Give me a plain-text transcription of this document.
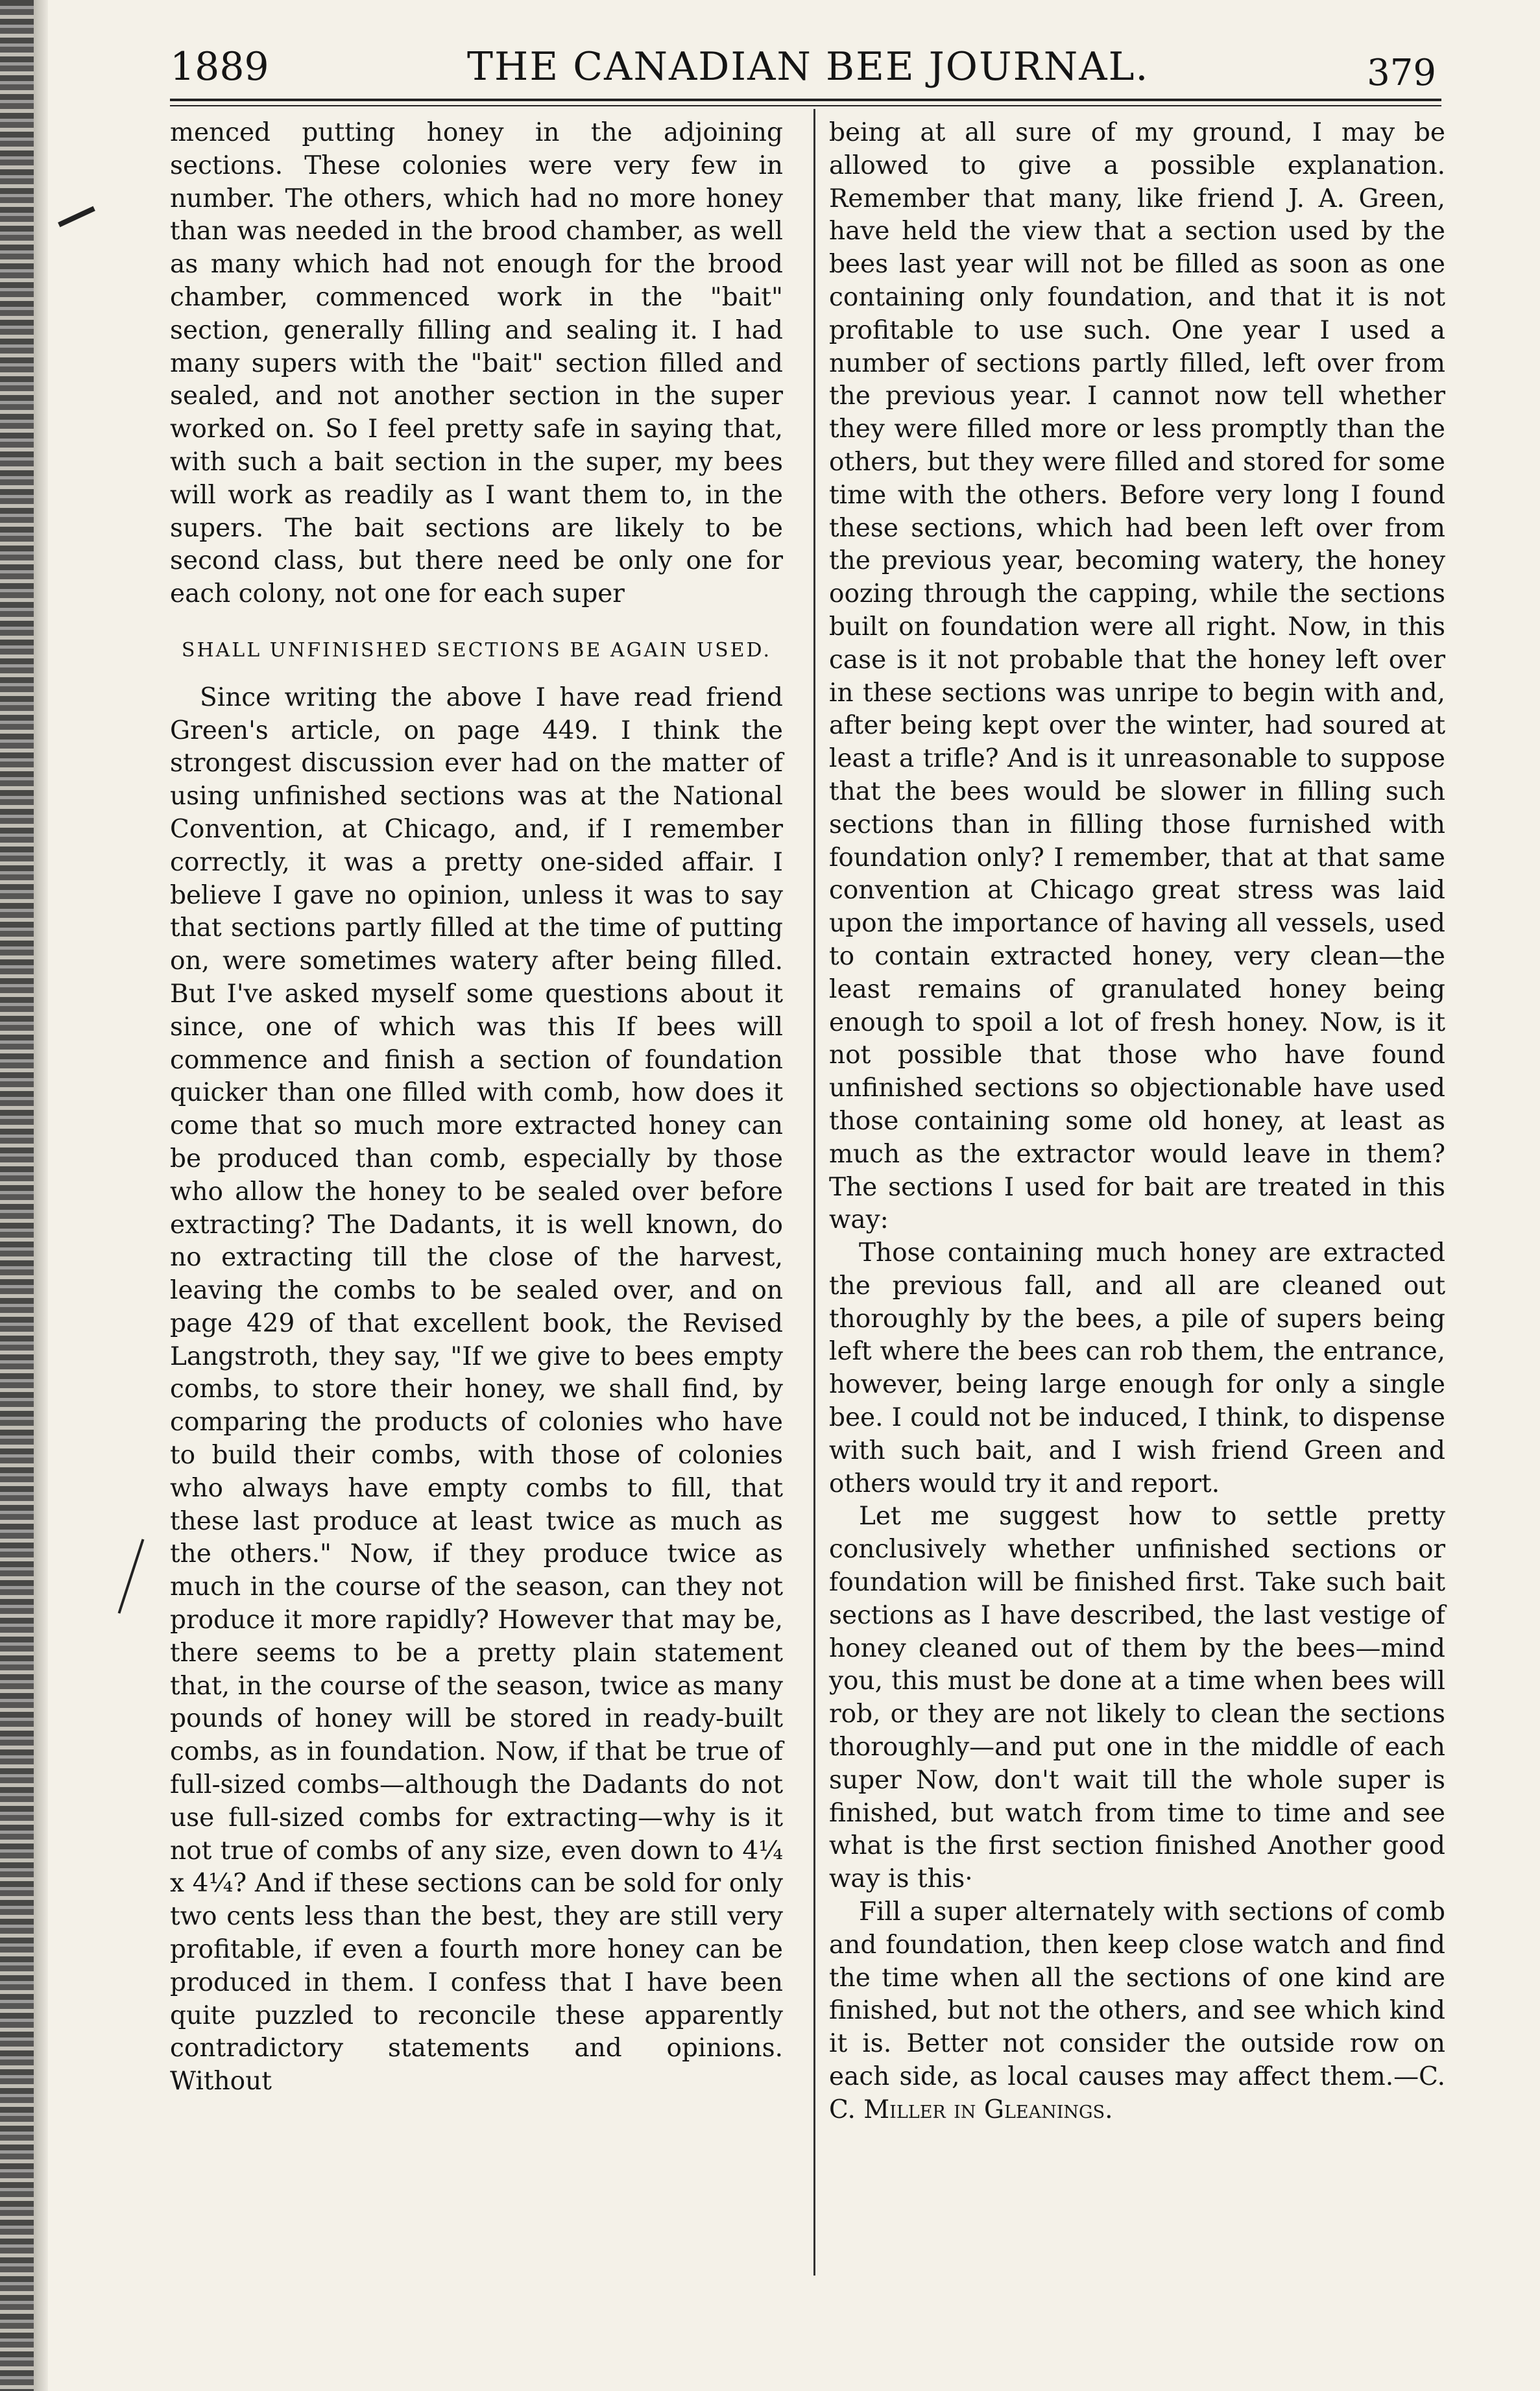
1889	THE CANADIAN BEE JOURNAL.	379

menced putting honey in the adjoining sections. These colonies were very few in number. The others, which had no more honey than was needed in the brood chamber, as well as many which had not enough for the brood chamber, commenced work in the "bait" section, generally filling and sealing it. I had many supers with the "bait" section filled and sealed, and not another section in the super worked on. So I feel pretty safe in saying that, with such a bait section in the super, my bees will work as readily as I want them to, in the supers. The bait sections are likely to be second class, but there need be only one for each colony, not one for each super

SHALL UNFINISHED SECTIONS BE AGAIN USED.

Since writing the above I have read friend Green's article, on page 449. I think the strongest discussion ever had on the matter of using unfinished sections was at the National Convention, at Chicago, and, if I remember correctly, it was a pretty one-sided affair. I believe I gave no opinion, unless it was to say that sections partly filled at the time of putting on, were sometimes watery after being filled. But I've asked myself some questions about it since, one of which was this If bees will commence and finish a section of foundation quicker than one filled with comb, how does it come that so much more extracted honey can be produced than comb, especially by those who allow the honey to be sealed over before extracting? The Dadants, it is well known, do no extracting till the close of the harvest, leaving the combs to be sealed over, and on page 429 of that excellent book, the Revised Langstroth, they say, "If we give to bees empty combs, to store their honey, we shall find, by comparing the products of colonies who have to build their combs, with those of colonies who always have empty combs to fill, that these last produce at least twice as much as the others." Now, if they produce twice as much in the course of the season, can they not produce it more rapidly? However that may be, there seems to be a pretty plain statement that, in the course of the season, twice as many pounds of honey will be stored in ready-built combs, as in foundation. Now, if that be true of full-sized combs—although the Dadants do not use full-sized combs for extracting—why is it not true of combs of any size, even down to 4¼ x 4¼? And if these sections can be sold for only two cents less than the best, they are still very profitable, if even a fourth more honey can be produced in them. I confess that I have been quite puzzled to reconcile these apparently contradictory statements and opinions. Without

being at all sure of my ground, I may be allowed to give a possible explanation. Remember that many, like friend J. A. Green, have held the view that a section used by the bees last year will not be filled as soon as one containing only foundation, and that it is not profitable to use such. One year I used a number of sections partly filled, left over from the previous year. I cannot now tell whether they were filled more or less promptly than the others, but they were filled and stored for some time with the others. Before very long I found these sections, which had been left over from the previous year, becoming watery, the honey oozing through the capping, while the sections built on foundation were all right. Now, in this case is it not probable that the honey left over in these sections was unripe to begin with and, after being kept over the winter, had soured at least a trifle? And is it unreasonable to suppose that the bees would be slower in filling such sections than in filling those furnished with foundation only? I remember, that at that same convention at Chicago great stress was laid upon the importance of having all vessels, used to contain extracted honey, very clean—the least remains of granulated honey being enough to spoil a lot of fresh honey. Now, is it not possible that those who have found unfinished sections so objectionable have used those containing some old honey, at least as much as the extractor would leave in them? The sections I used for bait are treated in this way:

Those containing much honey are extracted the previous fall, and all are cleaned out thoroughly by the bees, a pile of supers being left where the bees can rob them, the entrance, however, being large enough for only a single bee. I could not be induced, I think, to dispense with such bait, and I wish friend Green and others would try it and report.

Let me suggest how to settle pretty conclusively whether unfinished sections or foundation will be finished first. Take such bait sections as I have described, the last vestige of honey cleaned out of them by the bees—mind you, this must be done at a time when bees will rob, or they are not likely to clean the sections thoroughly—and put one in the middle of each super Now, don't wait till the whole super is finished, but watch from time to time and see what is the first section finished Another good way is this·

Fill a super alternately with sections of comb and foundation, then keep close watch and find the time when all the sections of one kind are finished, but not the others, and see which kind it is. Better not consider the outside row on each side, as local causes may affect them.—C. C. Miller in Gleanings.
